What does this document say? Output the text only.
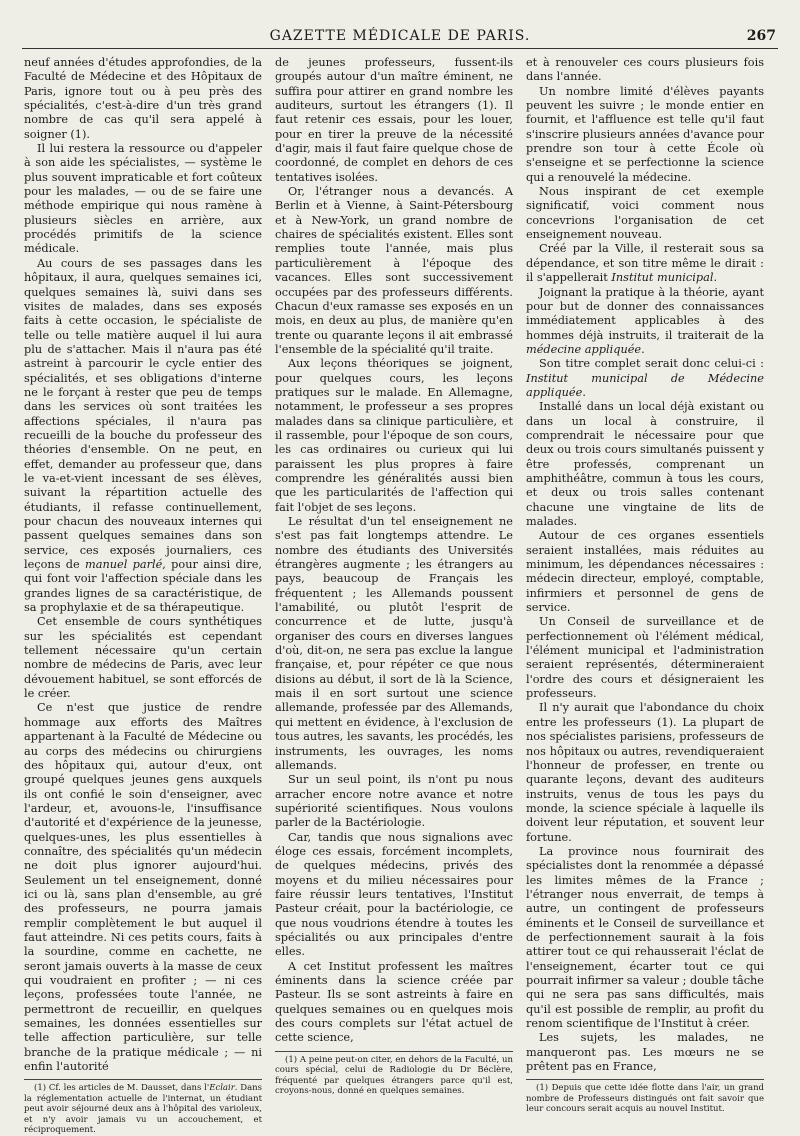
GAZETTE MÉDICALE DE PARIS.	267

neuf années d'études approfondies, de la Faculté de Médecine et des Hôpitaux de Paris, ignore tout ou à peu près des spécialités, c'est-à-dire d'un très grand nombre de cas qu'il sera appelé à soigner (1).

Il lui restera la ressource ou d'appeler à son aide les spécialistes, — système le plus souvent impraticable et fort coûteux pour les malades, — ou de se faire une méthode empirique qui nous ramène à plusieurs siècles en arrière, aux procédés primitifs de la science médicale.

Au cours de ses passages dans les hôpitaux, il aura, quelques semaines ici, quelques semaines là, suivi dans ses visites de malades, dans ses exposés faits à cette occasion, le spécialiste de telle ou telle matière auquel il lui aura plu de s'attacher. Mais il n'aura pas été astreint à parcourir le cycle entier des spécialités, et ses obligations d'interne ne le forçant à rester que peu de temps dans les services où sont traitées les affections spéciales, il n'aura pas recueilli de la bouche du professeur des théories d'ensemble. On ne peut, en effet, demander au professeur que, dans le va-et-vient incessant de ses élèves, suivant la répartition actuelle des étudiants, il refasse continuellement, pour chacun des nouveaux internes qui passent quelques semaines dans son service, ces exposés journaliers, ces leçons de manuel parlé, pour ainsi dire, qui font voir l'affection spéciale dans les grandes lignes de sa caractéristique, de sa prophylaxie et de sa thérapeutique.

Cet ensemble de cours synthétiques sur les spécialités est cependant tellement nécessaire qu'un certain nombre de médecins de Paris, avec leur dévouement habituel, se sont efforcés de le créer.

Ce n'est que justice de rendre hommage aux efforts des Maîtres appartenant à la Faculté de Médecine ou au corps des médecins ou chirurgiens des hôpitaux qui, autour d'eux, ont groupé quelques jeunes gens auxquels ils ont confié le soin d'enseigner, avec l'ardeur, et, avouons-le, l'insuffisance d'autorité et d'expérience de la jeunesse, quelques-unes, les plus essentielles à connaître, des spécialités qu'un médecin ne doit plus ignorer aujourd'hui. Seulement un tel enseignement, donné ici ou là, sans plan d'ensemble, au gré des professeurs, ne pourra jamais remplir complètement le but auquel il faut atteindre. Ni ces petits cours, faits à la sourdine, comme en cachette, ne seront jamais ouverts à la masse de ceux qui voudraient en profiter ; — ni ces leçons, professées toute l'année, ne permettront de recueillir, en quelques semaines, les données essentielles sur telle affection particulière, sur telle branche de la pratique médicale ; — ni enfin l'autorité

(1) Cf. les articles de M. Dausset, dans l'Eclair. Dans la réglementation actuelle de l'internat, un étudiant peut avoir séjourné deux ans à l'hôpital des varioleux, et n'y avoir jamais vu un accouchement, et réciproquement.

de jeunes professeurs, fussent-ils groupés autour d'un maître éminent, ne suffira pour attirer en grand nombre les auditeurs, surtout les étrangers (1). Il faut retenir ces essais, pour les louer, pour en tirer la preuve de la nécessité d'agir, mais il faut faire quelque chose de coordonné, de complet en dehors de ces tentatives isolées.

Or, l'étranger nous a devancés. A Berlin et à Vienne, à Saint-Pétersbourg et à New-York, un grand nombre de chaires de spécialités existent. Elles sont remplies toute l'année, mais plus particulièrement à l'époque des vacances. Elles sont successivement occupées par des professeurs différents. Chacun d'eux ramasse ses exposés en un mois, en deux au plus, de manière qu'en trente ou quarante leçons il ait embrassé l'ensemble de la spécialité qu'il traite.

Aux leçons théoriques se joignent, pour quelques cours, les leçons pratiques sur le malade. En Allemagne, notamment, le professeur a ses propres malades dans sa clinique particulière, et il rassemble, pour l'époque de son cours, les cas ordinaires ou curieux qui lui paraissent les plus propres à faire comprendre les généralités aussi bien que les particularités de l'affection qui fait l'objet de ses leçons.

Le résultat d'un tel enseignement ne s'est pas fait longtemps attendre. Le nombre des étudiants des Universités étrangères augmente ; les étrangers au pays, beaucoup de Français les fréquentent ; les Allemands poussent l'amabilité, ou plutôt l'esprit de concurrence et de lutte, jusqu'à organiser des cours en diverses langues d'où, dit-on, ne sera pas exclue la langue française, et, pour répéter ce que nous disions au début, il sort de là la Science, mais il en sort surtout une science allemande, professée par des Allemands, qui mettent en évidence, à l'exclusion de tous autres, les savants, les procédés, les instruments, les ouvrages, les noms allemands.

Sur un seul point, ils n'ont pu nous arracher encore notre avance et notre supériorité scientifiques. Nous voulons parler de la Bactériologie.

Car, tandis que nous signalions avec éloge ces essais, forcément incomplets, de quelques médecins, privés des moyens et du milieu nécessaires pour faire réussir leurs tentatives, l'Institut Pasteur créait, pour la bactériologie, ce que nous voudrions étendre à toutes les spécialités ou aux principales d'entre elles.

A cet Institut professent les maîtres éminents dans la science créée par Pasteur. Ils se sont astreints à faire en quelques semaines ou en quelques mois des cours complets sur l'état actuel de cette science,

(1) A peine peut-on citer, en dehors de la Faculté, un cours spécial, celui de Radiologie du Dr Béclère, fréquenté par quelques étrangers parce qu'il est, croyons-nous, donné en quelques semaines.

et à renouveler ces cours plusieurs fois dans l'année.

Un nombre limité d'élèves payants peuvent les suivre ; le monde entier en fournit, et l'affluence est telle qu'il faut s'inscrire plusieurs années d'avance pour prendre son tour à cette École où s'enseigne et se perfectionne la science qui a renouvelé la médecine.

Nous inspirant de cet exemple significatif, voici comment nous concevrions l'organisation de cet enseignement nouveau.

Créé par la Ville, il resterait sous sa dépendance, et son titre même le dirait : il s'appellerait Institut municipal.

Joignant la pratique à la théorie, ayant pour but de donner des connaissances immédiatement applicables à des hommes déjà instruits, il traiterait de la médecine appliquée.

Son titre complet serait donc celui-ci : Institut municipal de Médecine appliquée.

Installé dans un local déjà existant ou dans un local à construire, il comprendrait le nécessaire pour que deux ou trois cours simultanés puissent y être professés, comprenant un amphithéâtre, commun à tous les cours, et deux ou trois salles contenant chacune une vingtaine de lits de malades.

Autour de ces organes essentiels seraient installées, mais réduites au minimum, les dépendances nécessaires : médecin directeur, employé, comptable, infirmiers et personnel de gens de service.

Un Conseil de surveillance et de perfectionnement où l'élément médical, l'élément municipal et l'administration seraient représentés, détermineraient l'ordre des cours et désigneraient les professeurs.

Il n'y aurait que l'abondance du choix entre les professeurs (1). La plupart de nos spécialistes parisiens, professeurs de nos hôpitaux ou autres, revendiqueraient l'honneur de professer, en trente ou quarante leçons, devant des auditeurs instruits, venus de tous les pays du monde, la science spéciale à laquelle ils doivent leur réputation, et souvent leur fortune.

La province nous fournirait des spécialistes dont la renommée a dépassé les limites mêmes de la France ; l'étranger nous enverrait, de temps à autre, un contingent de professeurs éminents et le Conseil de surveillance et de perfectionnement saurait à la fois attirer tout ce qui rehausserait l'éclat de l'enseignement, écarter tout ce qui pourrait infirmer sa valeur ; double tâche qui ne sera pas sans difficultés, mais qu'il est possible de remplir, au profit du renom scientifique de l'Institut à créer.

Les sujets, les malades, ne manqueront pas. Les mœurs ne se prêtent pas en France,

(1) Depuis que cette idée flotte dans l'air, un grand nombre de Professeurs distingués ont fait savoir que leur concours serait acquis au nouvel Institut.
